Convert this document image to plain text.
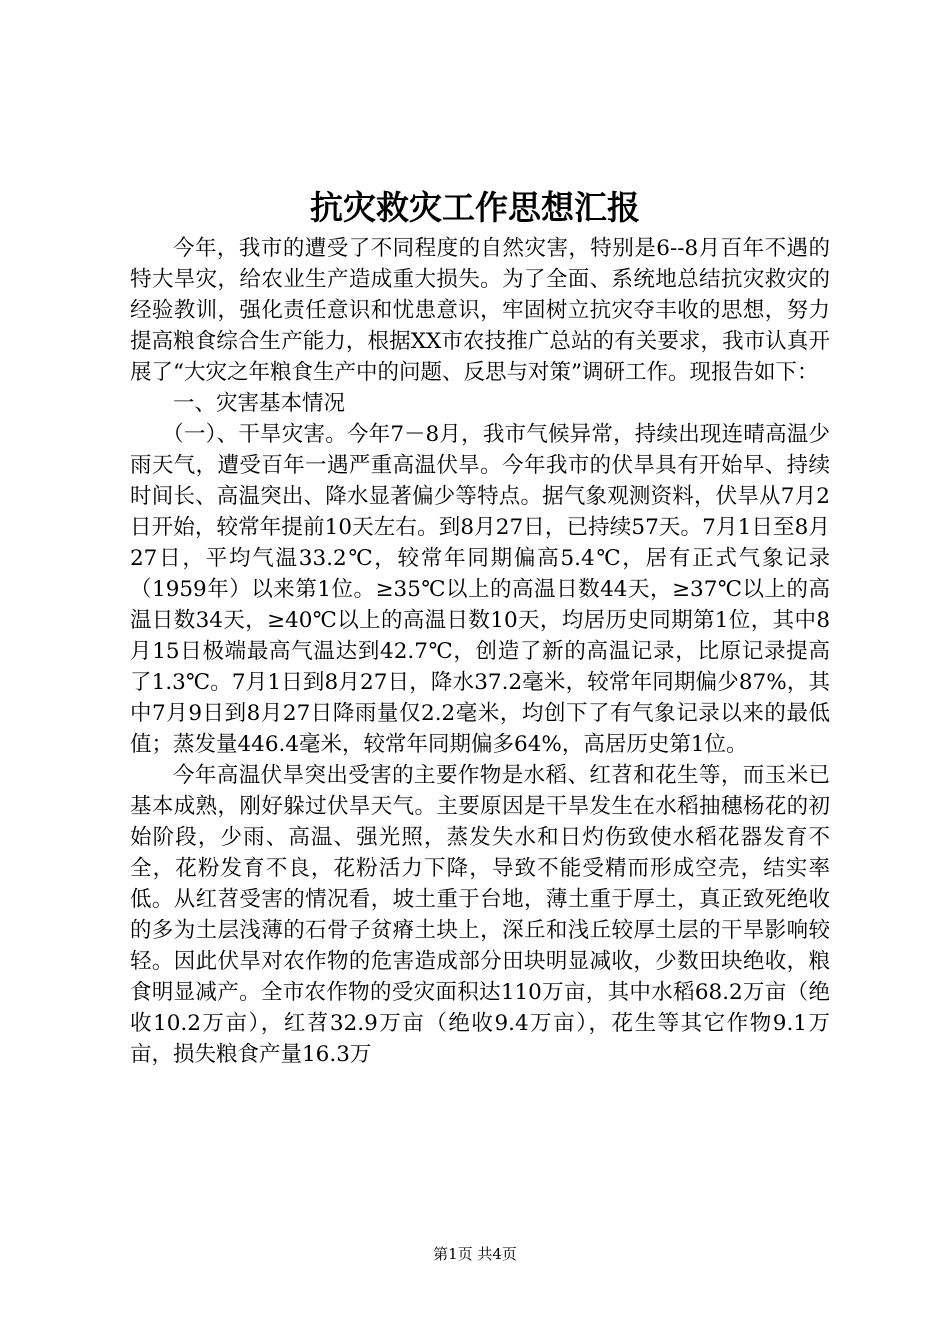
抗灾救灾工作思想汇报

今年，我市的遭受了不同程度的自然灾害，特别是6--8月百年不遇的特大旱灾，给农业生产造成重大损失。为了全面、系统地总结抗灾救灾的经验教训，强化责任意识和忧患意识，牢固树立抗灾夺丰收的思想，努力提高粮食综合生产能力，根据XX市农技推广总站的有关要求，我市认真开展了“大灾之年粮食生产中的问题、反思与对策”调研工作。现报告如下：

一、灾害基本情况

（一）、干旱灾害。今年7－8月，我市气候异常，持续出现连晴高温少雨天气，遭受百年一遇严重高温伏旱。今年我市的伏旱具有开始早、持续时间长、高温突出、降水显著偏少等特点。据气象观测资料，伏旱从7月2日开始，较常年提前10天左右。到8月27日，已持续57天。7月1日至8月27日，平均气温33.2℃，较常年同期偏高5.4℃，居有正式气象记录（1959年）以来第1位。≥35℃以上的高温日数44天，≥37℃以上的高温日数34天，≥40℃以上的高温日数10天，均居历史同期第1位，其中8月15日极端最高气温达到42.7℃，创造了新的高温记录，比原记录提高了1.3℃。7月1日到8月27日，降水37.2毫米，较常年同期偏少87%，其中7月9日到8月27日降雨量仅2.2毫米，均创下了有气象记录以来的最低值；蒸发量446.4毫米，较常年同期偏多64%，高居历史第1位。

今年高温伏旱突出受害的主要作物是水稻、红苕和花生等，而玉米已基本成熟，刚好躲过伏旱天气。主要原因是干旱发生在水稻抽穗杨花的初始阶段，少雨、高温、强光照，蒸发失水和日灼伤致使水稻花器发育不全，花粉发育不良，花粉活力下降，导致不能受精而形成空壳，结实率低。从红苕受害的情况看，坡土重于台地，薄土重于厚土，真正致死绝收的多为土层浅薄的石骨子贫瘠土块上，深丘和浅丘较厚土层的干旱影响较轻。因此伏旱对农作物的危害造成部分田块明显减收，少数田块绝收，粮食明显减产。全市农作物的受灾面积达110万亩，其中水稻68.2万亩（绝收10.2万亩），红苕32.9万亩（绝收9.4万亩），花生等其它作物9.1万亩，损失粮食产量16.3万

第1页 共4页
